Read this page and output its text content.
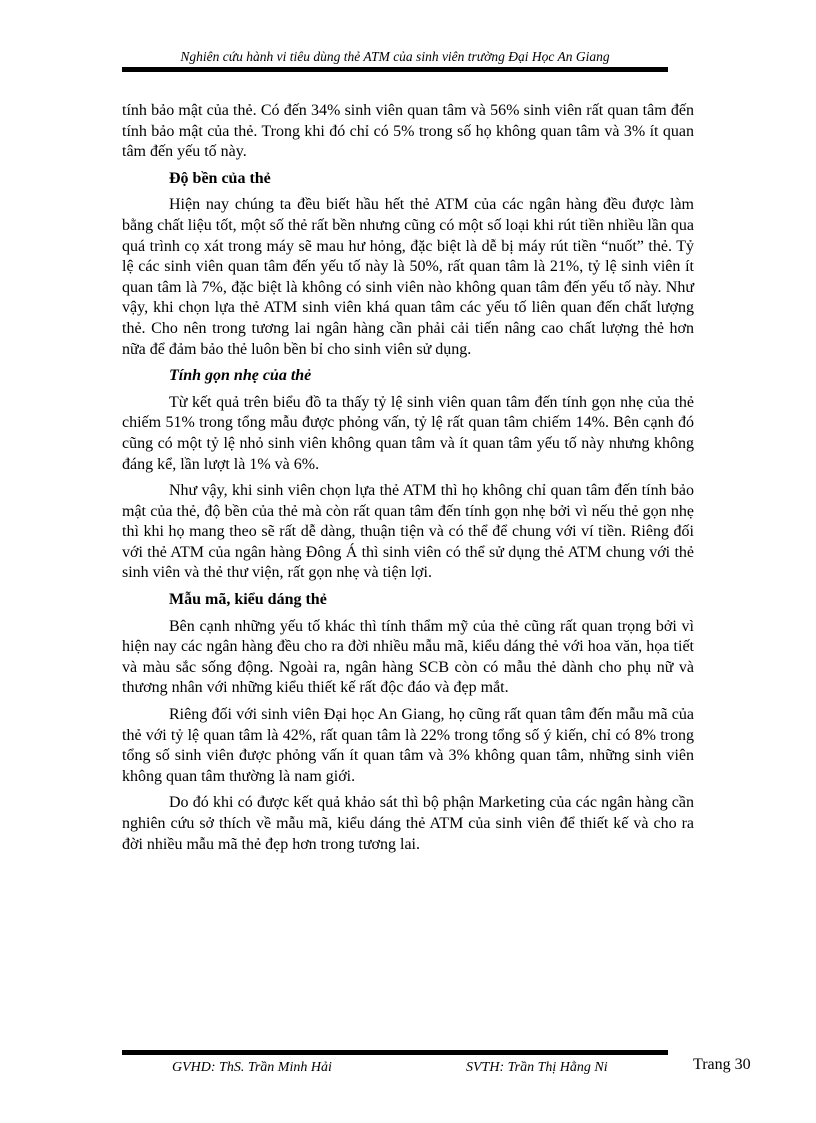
Nghiên cứu hành vi tiêu dùng thẻ ATM của sinh viên trường Đại Học An Giang

tính bảo mật của thẻ. Có đến 34% sinh viên quan tâm và 56% sinh viên rất quan tâm đến tính bảo mật của thẻ. Trong khi đó chỉ có 5% trong số họ không quan tâm và 3% ít quan tâm đến yếu tố này.

Độ bền của thẻ

Hiện nay chúng ta đều biết hầu hết thẻ ATM của các ngân hàng đều được làm bằng chất liệu tốt, một số thẻ rất bền nhưng cũng có một số loại khi rút tiền nhiều lần qua quá trình cọ xát trong máy sẽ mau hư hỏng, đặc biệt là dễ bị máy rút tiền “nuốt” thẻ. Tỷ lệ các sinh viên quan tâm đến yếu tố này là 50%, rất quan tâm là 21%, tỷ lệ sinh viên ít quan tâm là 7%, đặc biệt là không có sinh viên nào không quan tâm đến yếu tố này. Như vậy, khi chọn lựa thẻ ATM sinh viên khá quan tâm các yếu tố liên quan đến chất lượng thẻ. Cho nên trong tương lai ngân hàng cần phải cải tiến nâng cao chất lượng thẻ hơn nữa để đảm bảo thẻ luôn bền bỉ cho sinh viên sử dụng.

Tính gọn nhẹ của thẻ

Từ kết quả trên biểu đồ ta thấy tỷ lệ sinh viên quan tâm đến tính gọn nhẹ của thẻ chiếm 51% trong tổng mẫu được phỏng vấn, tỷ lệ rất quan tâm chiếm 14%. Bên cạnh đó cũng có một tỷ lệ nhỏ sinh viên không quan tâm và ít quan tâm yếu tố này nhưng không đáng kể, lần lượt là 1% và 6%.

Như vậy, khi sinh viên chọn lựa thẻ ATM thì họ không chỉ quan tâm đến tính bảo mật của thẻ, độ bền của thẻ mà còn rất quan tâm đến tính gọn nhẹ bởi vì nếu thẻ gọn nhẹ thì khi họ mang theo sẽ rất dễ dàng, thuận tiện và có thể để chung với ví tiền. Riêng đối với thẻ ATM của ngân hàng Đông Á thì sinh viên có thể sử dụng thẻ ATM chung với thẻ sinh viên và thẻ thư viện, rất gọn nhẹ và tiện lợi.

Mẫu mã, kiểu dáng thẻ

Bên cạnh những yếu tố khác thì tính thẩm mỹ của thẻ cũng rất quan trọng bởi vì hiện nay các ngân hàng đều cho ra đời nhiều mẫu mã, kiểu dáng thẻ với hoa văn, họa tiết và màu sắc sống động. Ngoài ra, ngân hàng SCB còn có mẫu thẻ dành cho phụ nữ và thương nhân với những kiểu thiết kế rất độc đáo và đẹp mắt.

Riêng đối với sinh viên Đại học An Giang, họ cũng rất quan tâm đến mẫu mã của thẻ với tỷ lệ quan tâm là 42%, rất quan tâm là 22% trong tổng số ý kiến, chỉ có 8% trong tổng số sinh viên được phỏng vấn ít quan tâm và 3% không quan tâm, những sinh viên không quan tâm thường là nam giới.

Do đó khi có được kết quả khảo sát thì bộ phận Marketing của các ngân hàng cần nghiên cứu sở thích về mẫu mã, kiểu dáng thẻ ATM của sinh viên để thiết kế và cho ra đời nhiều mẫu mã thẻ đẹp hơn trong tương lai.

GVHD: ThS. Trần Minh Hải	SVTH: Trần Thị Hằng Ni	Trang 30
